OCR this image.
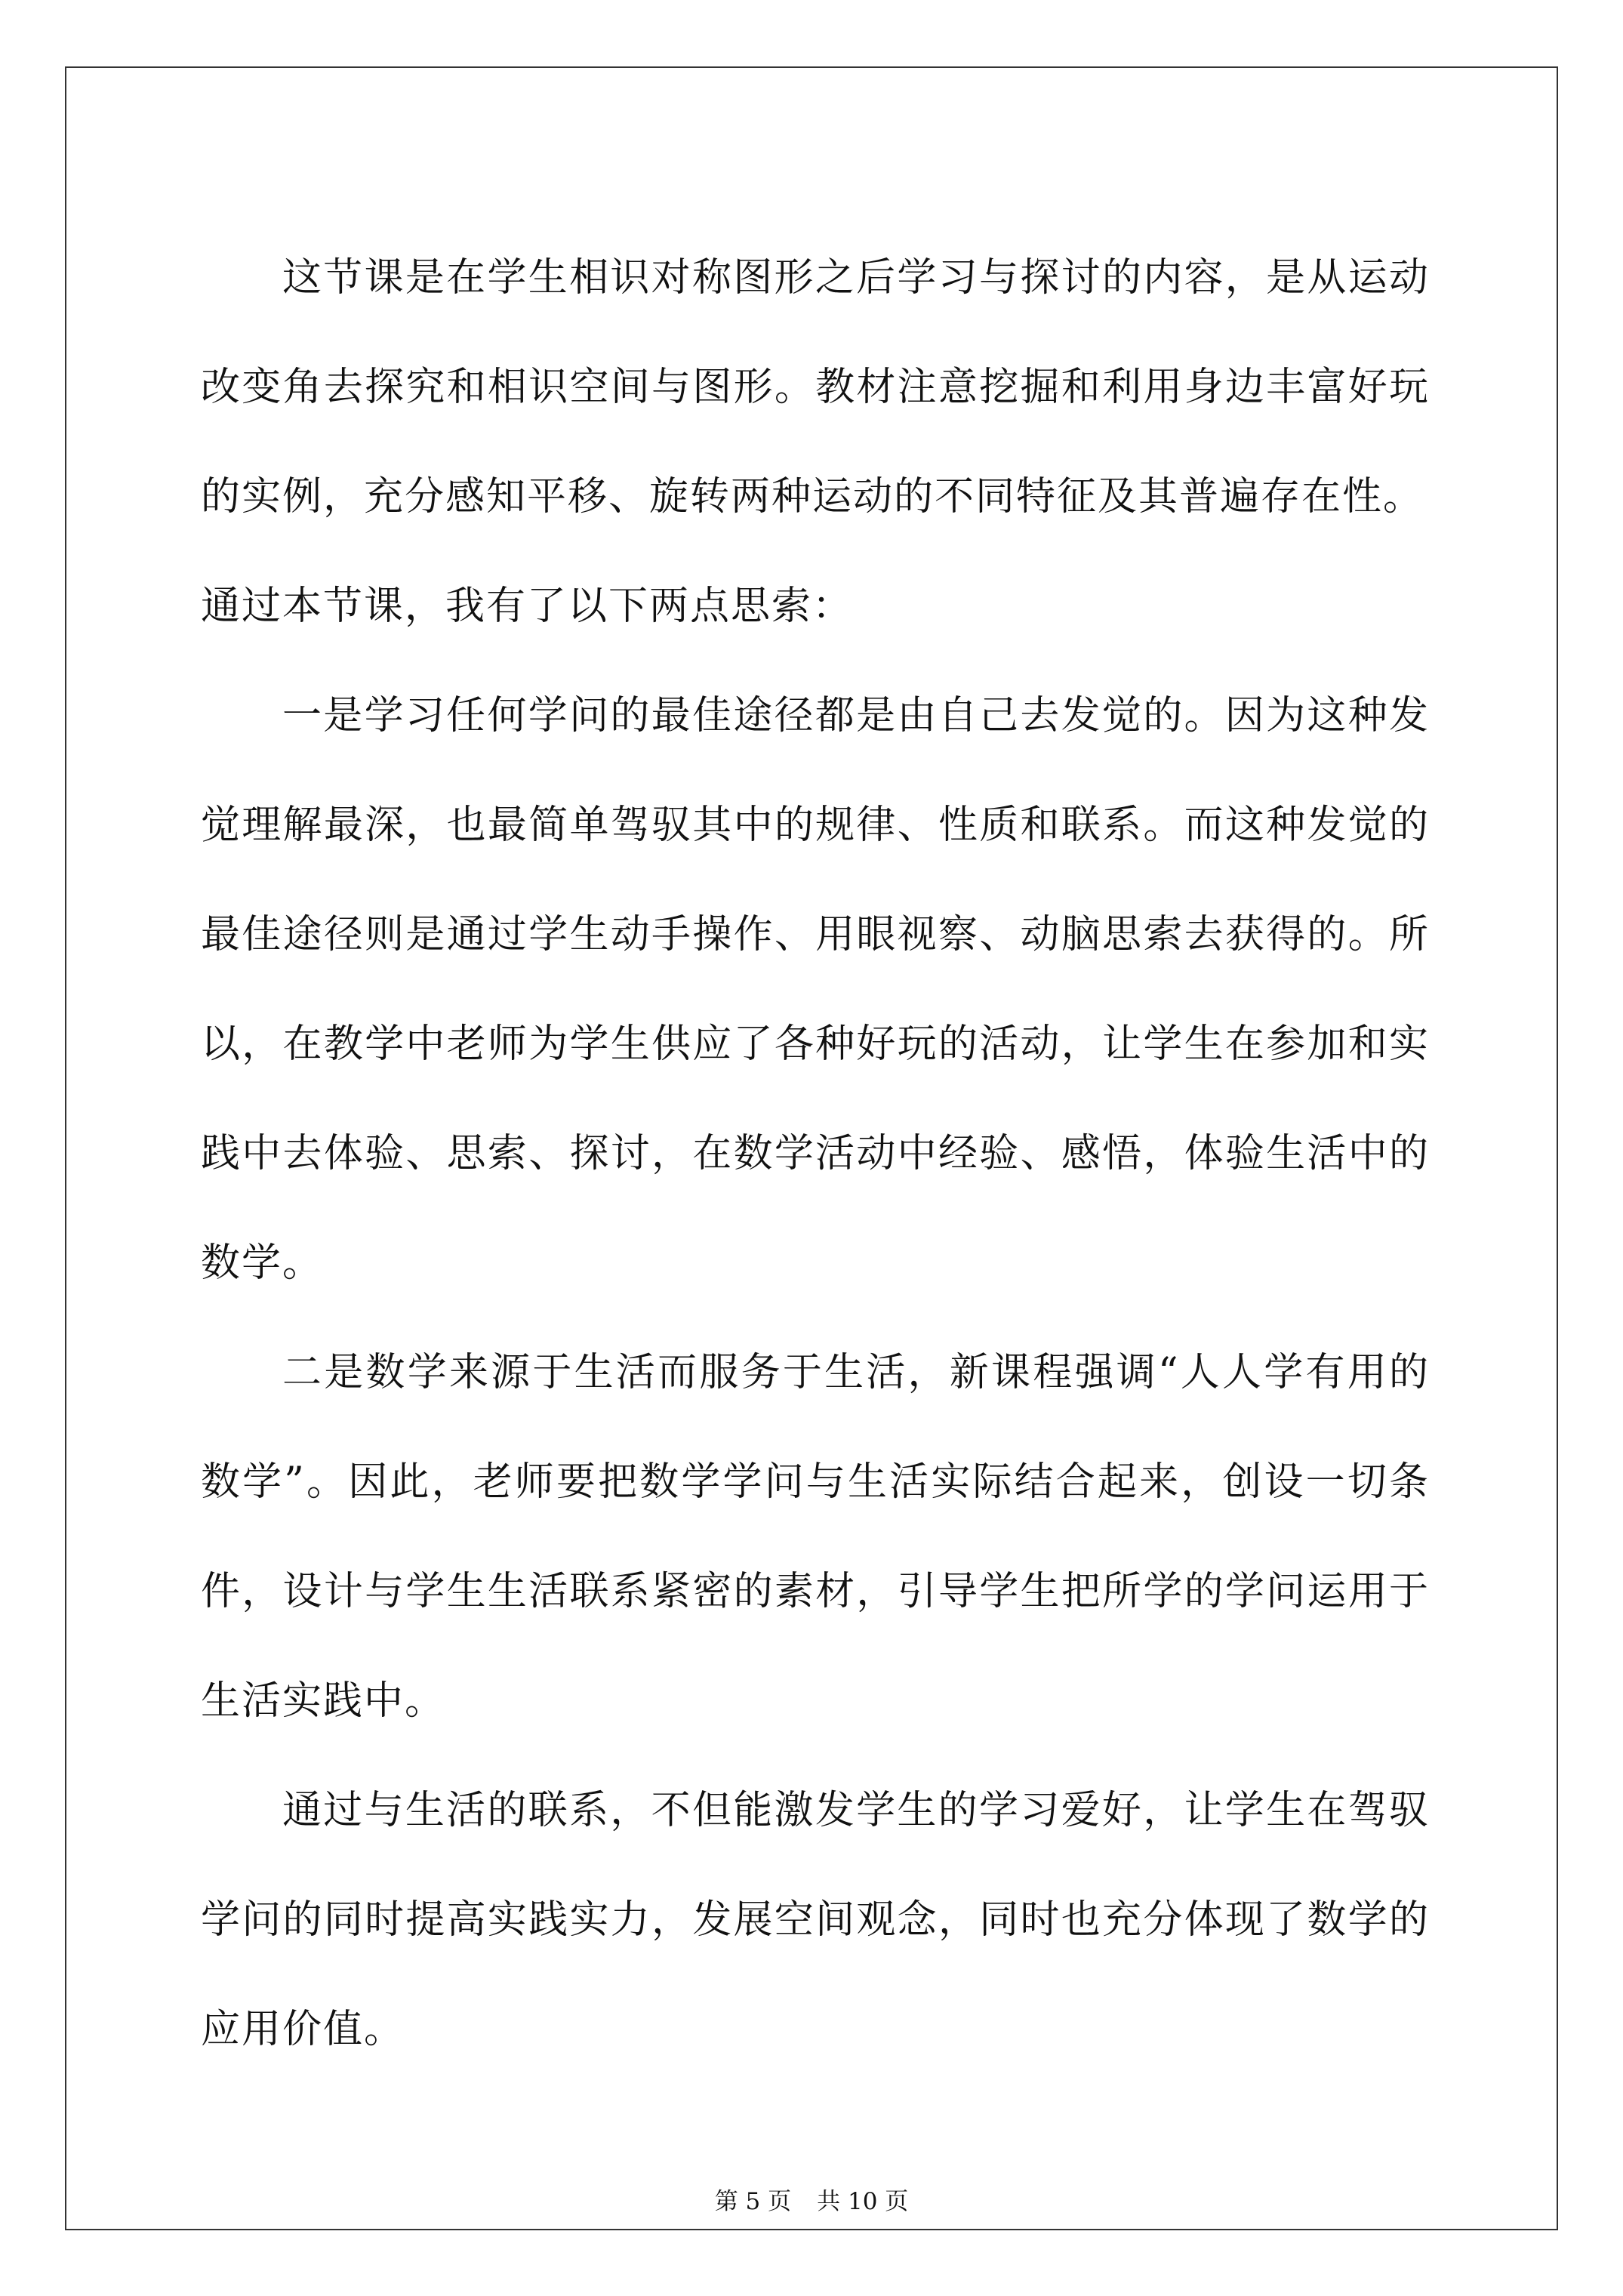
这节课是在学生相识对称图形之后学习与探讨的内容，是从运动改变角去探究和相识空间与图形。教材注意挖掘和利用身边丰富好玩的实例，充分感知平移、旋转两种运动的不同特征及其普遍存在性。

通过本节课，我有了以下两点思索：

一是学习任何学问的最佳途径都是由自己去发觉的。因为这种发觉理解最深，也最简单驾驭其中的规律、性质和联系。而这种发觉的最佳途径则是通过学生动手操作、用眼视察、动脑思索去获得的。所以，在教学中老师为学生供应了各种好玩的活动，让学生在参加和实践中去体验、思索、探讨，在数学活动中经验、感悟，体验生活中的数学。

二是数学来源于生活而服务于生活，新课程强调“人人学有用的数学”。因此，老师要把数学学问与生活实际结合起来，创设一切条件，设计与学生生活联系紧密的素材，引导学生把所学的学问运用于生活实践中。

通过与生活的联系，不但能激发学生的学习爱好，让学生在驾驭学问的同时提高实践实力，发展空间观念，同时也充分体现了数学的应用价值。

第 5 页 共 10 页
